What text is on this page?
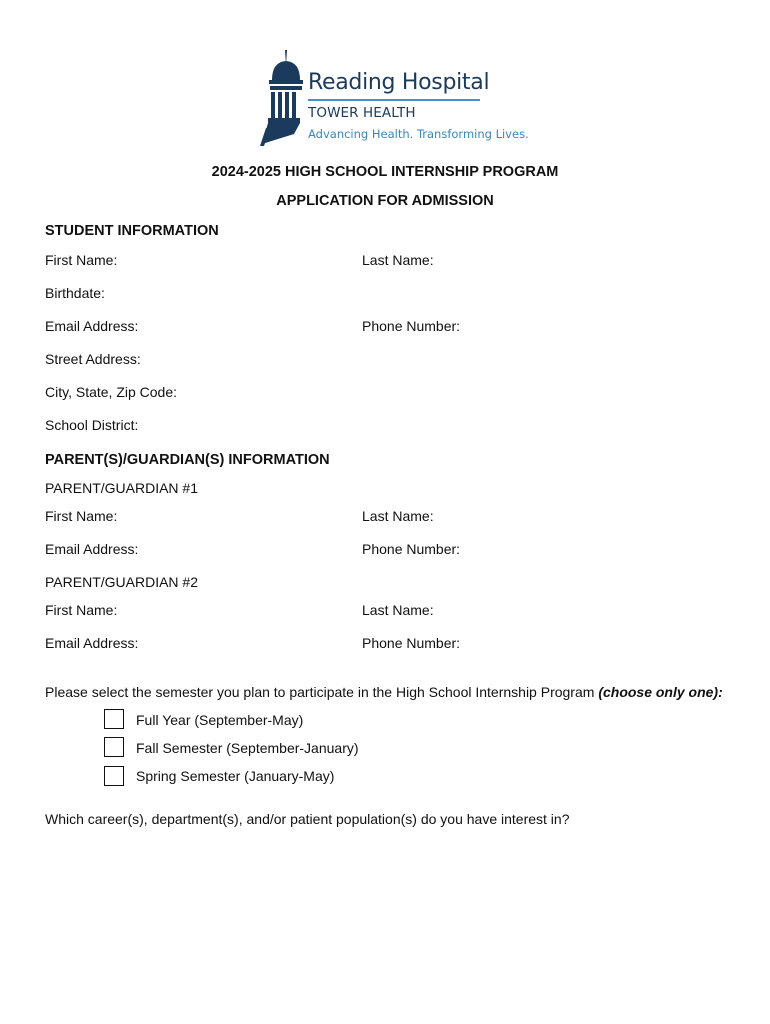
Reading Hospital
TOWER HEALTH
Advancing Health. Transforming Lives.
2024-2025 HIGH SCHOOL INTERNSHIP PROGRAM
APPLICATION FOR ADMISSION
STUDENT INFORMATION
First Name:	Last Name:
Birthdate:
Email Address:	Phone Number:
Street Address:
City, State, Zip Code:
School District:
PARENT(S)/GUARDIAN(S) INFORMATION
PARENT/GUARDIAN #1
First Name:	Last Name:
Email Address:	Phone Number:
PARENT/GUARDIAN #2
First Name:	Last Name:
Email Address:	Phone Number:
Please select the semester you plan to participate in the High School Internship Program (choose only one):
Full Year (September-May)
Fall Semester (September-January)
Spring Semester (January-May)
Which career(s), department(s), and/or patient population(s) do you have interest in?
